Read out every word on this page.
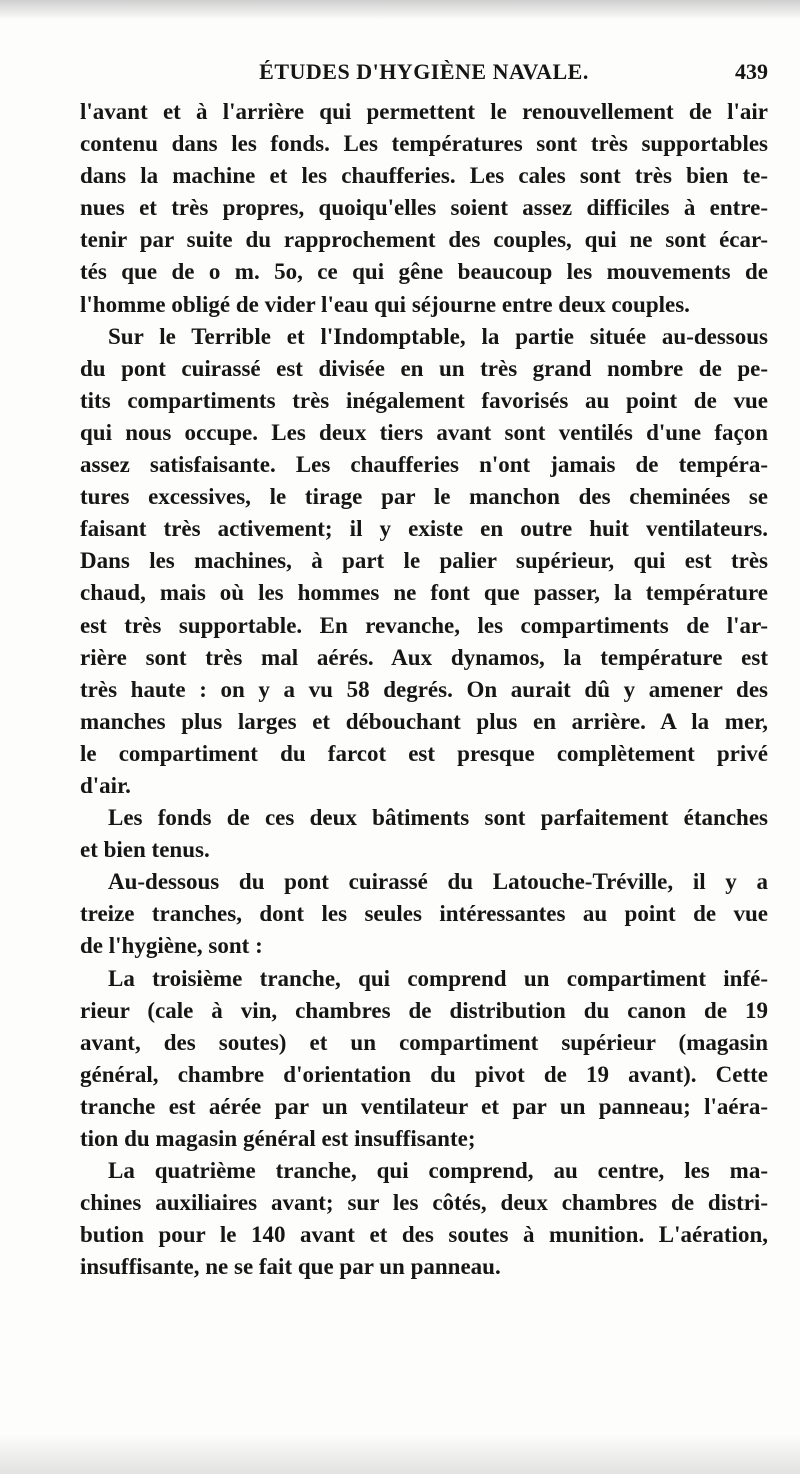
ÉTUDES D'HYGIÈNE NAVALE.	439
l'avant et à l'arrière qui permettent le renouvellement de l'air
contenu dans les fonds. Les températures sont très supportables
dans la machine et les chaufferies. Les cales sont très bien te-
nues et très propres, quoiqu'elles soient assez difficiles à entre-
tenir par suite du rapprochement des couples, qui ne sont écar-
tés que de o m. 5o, ce qui gêne beaucoup les mouvements de
l'homme obligé de vider l'eau qui séjourne entre deux couples.
Sur le Terrible et l'Indomptable, la partie située au-dessous
du pont cuirassé est divisée en un très grand nombre de pe-
tits compartiments très inégalement favorisés au point de vue
qui nous occupe. Les deux tiers avant sont ventilés d'une façon
assez satisfaisante. Les chaufferies n'ont jamais de tempéra-
tures excessives, le tirage par le manchon des cheminées se
faisant très activement; il y existe en outre huit ventilateurs.
Dans les machines, à part le palier supérieur, qui est très
chaud, mais où les hommes ne font que passer, la température
est très supportable. En revanche, les compartiments de l'ar-
rière sont très mal aérés. Aux dynamos, la température est
très haute : on y a vu 58 degrés. On aurait dû y amener des
manches plus larges et débouchant plus en arrière. A la mer,
le compartiment du farcot est presque complètement privé
d'air.
Les fonds de ces deux bâtiments sont parfaitement étanches
et bien tenus.
Au-dessous du pont cuirassé du Latouche-Tréville, il y a
treize tranches, dont les seules intéressantes au point de vue
de l'hygiène, sont :
La troisième tranche, qui comprend un compartiment infé-
rieur (cale à vin, chambres de distribution du canon de 19
avant, des soutes) et un compartiment supérieur (magasin
général, chambre d'orientation du pivot de 19 avant). Cette
tranche est aérée par un ventilateur et par un panneau; l'aéra-
tion du magasin général est insuffisante;
La quatrième tranche, qui comprend, au centre, les ma-
chines auxiliaires avant; sur les côtés, deux chambres de distri-
bution pour le 140 avant et des soutes à munition. L'aération,
insuffisante, ne se fait que par un panneau.
